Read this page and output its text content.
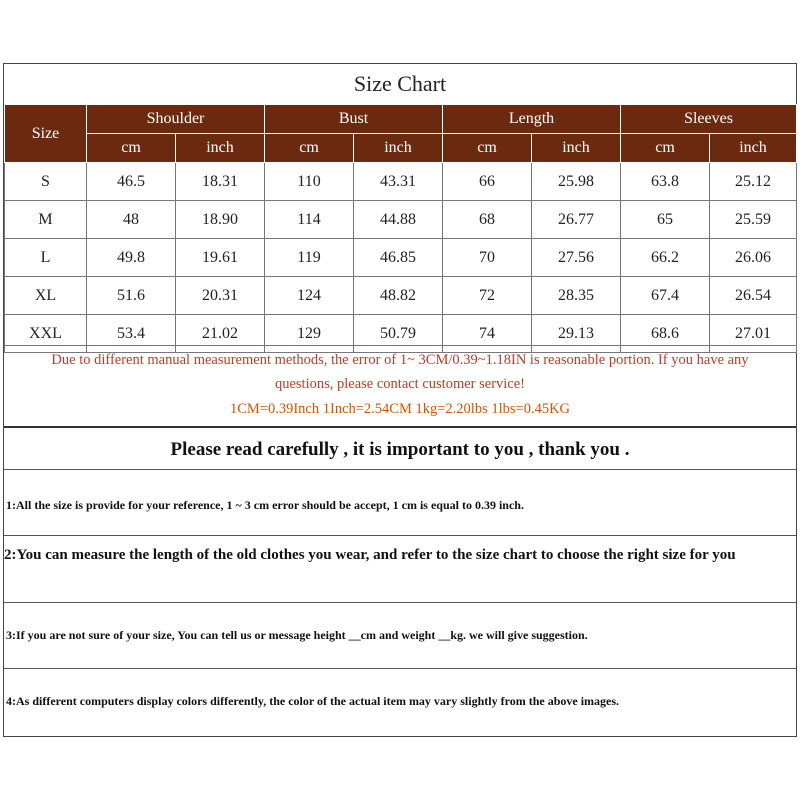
Size Chart
Size	Shoulder		Bust		Length		Sleeves	
	cm	inch	cm	inch	cm	inch	cm	inch
S	46.5	18.31	110	43.31	66	25.98	63.8	25.12
M	48	18.90	114	44.88	68	26.77	65	25.59
L	49.8	19.61	119	46.85	70	27.56	66.2	26.06
XL	51.6	20.31	124	48.82	72	28.35	67.4	26.54
XXL	53.4	21.02	129	50.79	74	29.13	68.6	27.01
Due to different manual measurement methods, the error of 1~ 3CM/0.39~1.18IN is reasonable portion. If you have any
questions, please contact customer service!
1CM=0.39Inch 1Inch=2.54CM 1kg=2.20lbs 1lbs=0.45KG
Please read carefully , it is important to you , thank you .
1:All the size is provide for your reference, 1 ~ 3 cm error should be accept, 1 cm is equal to 0.39 inch.
2:You can measure the length of the old clothes you wear, and refer to the size chart to choose the right size for you
3:If you are not sure of your size, You can tell us or message height __cm and weight __kg. we will give suggestion.
4:As different computers display colors differently, the color of the actual item may vary slightly from the above images.
